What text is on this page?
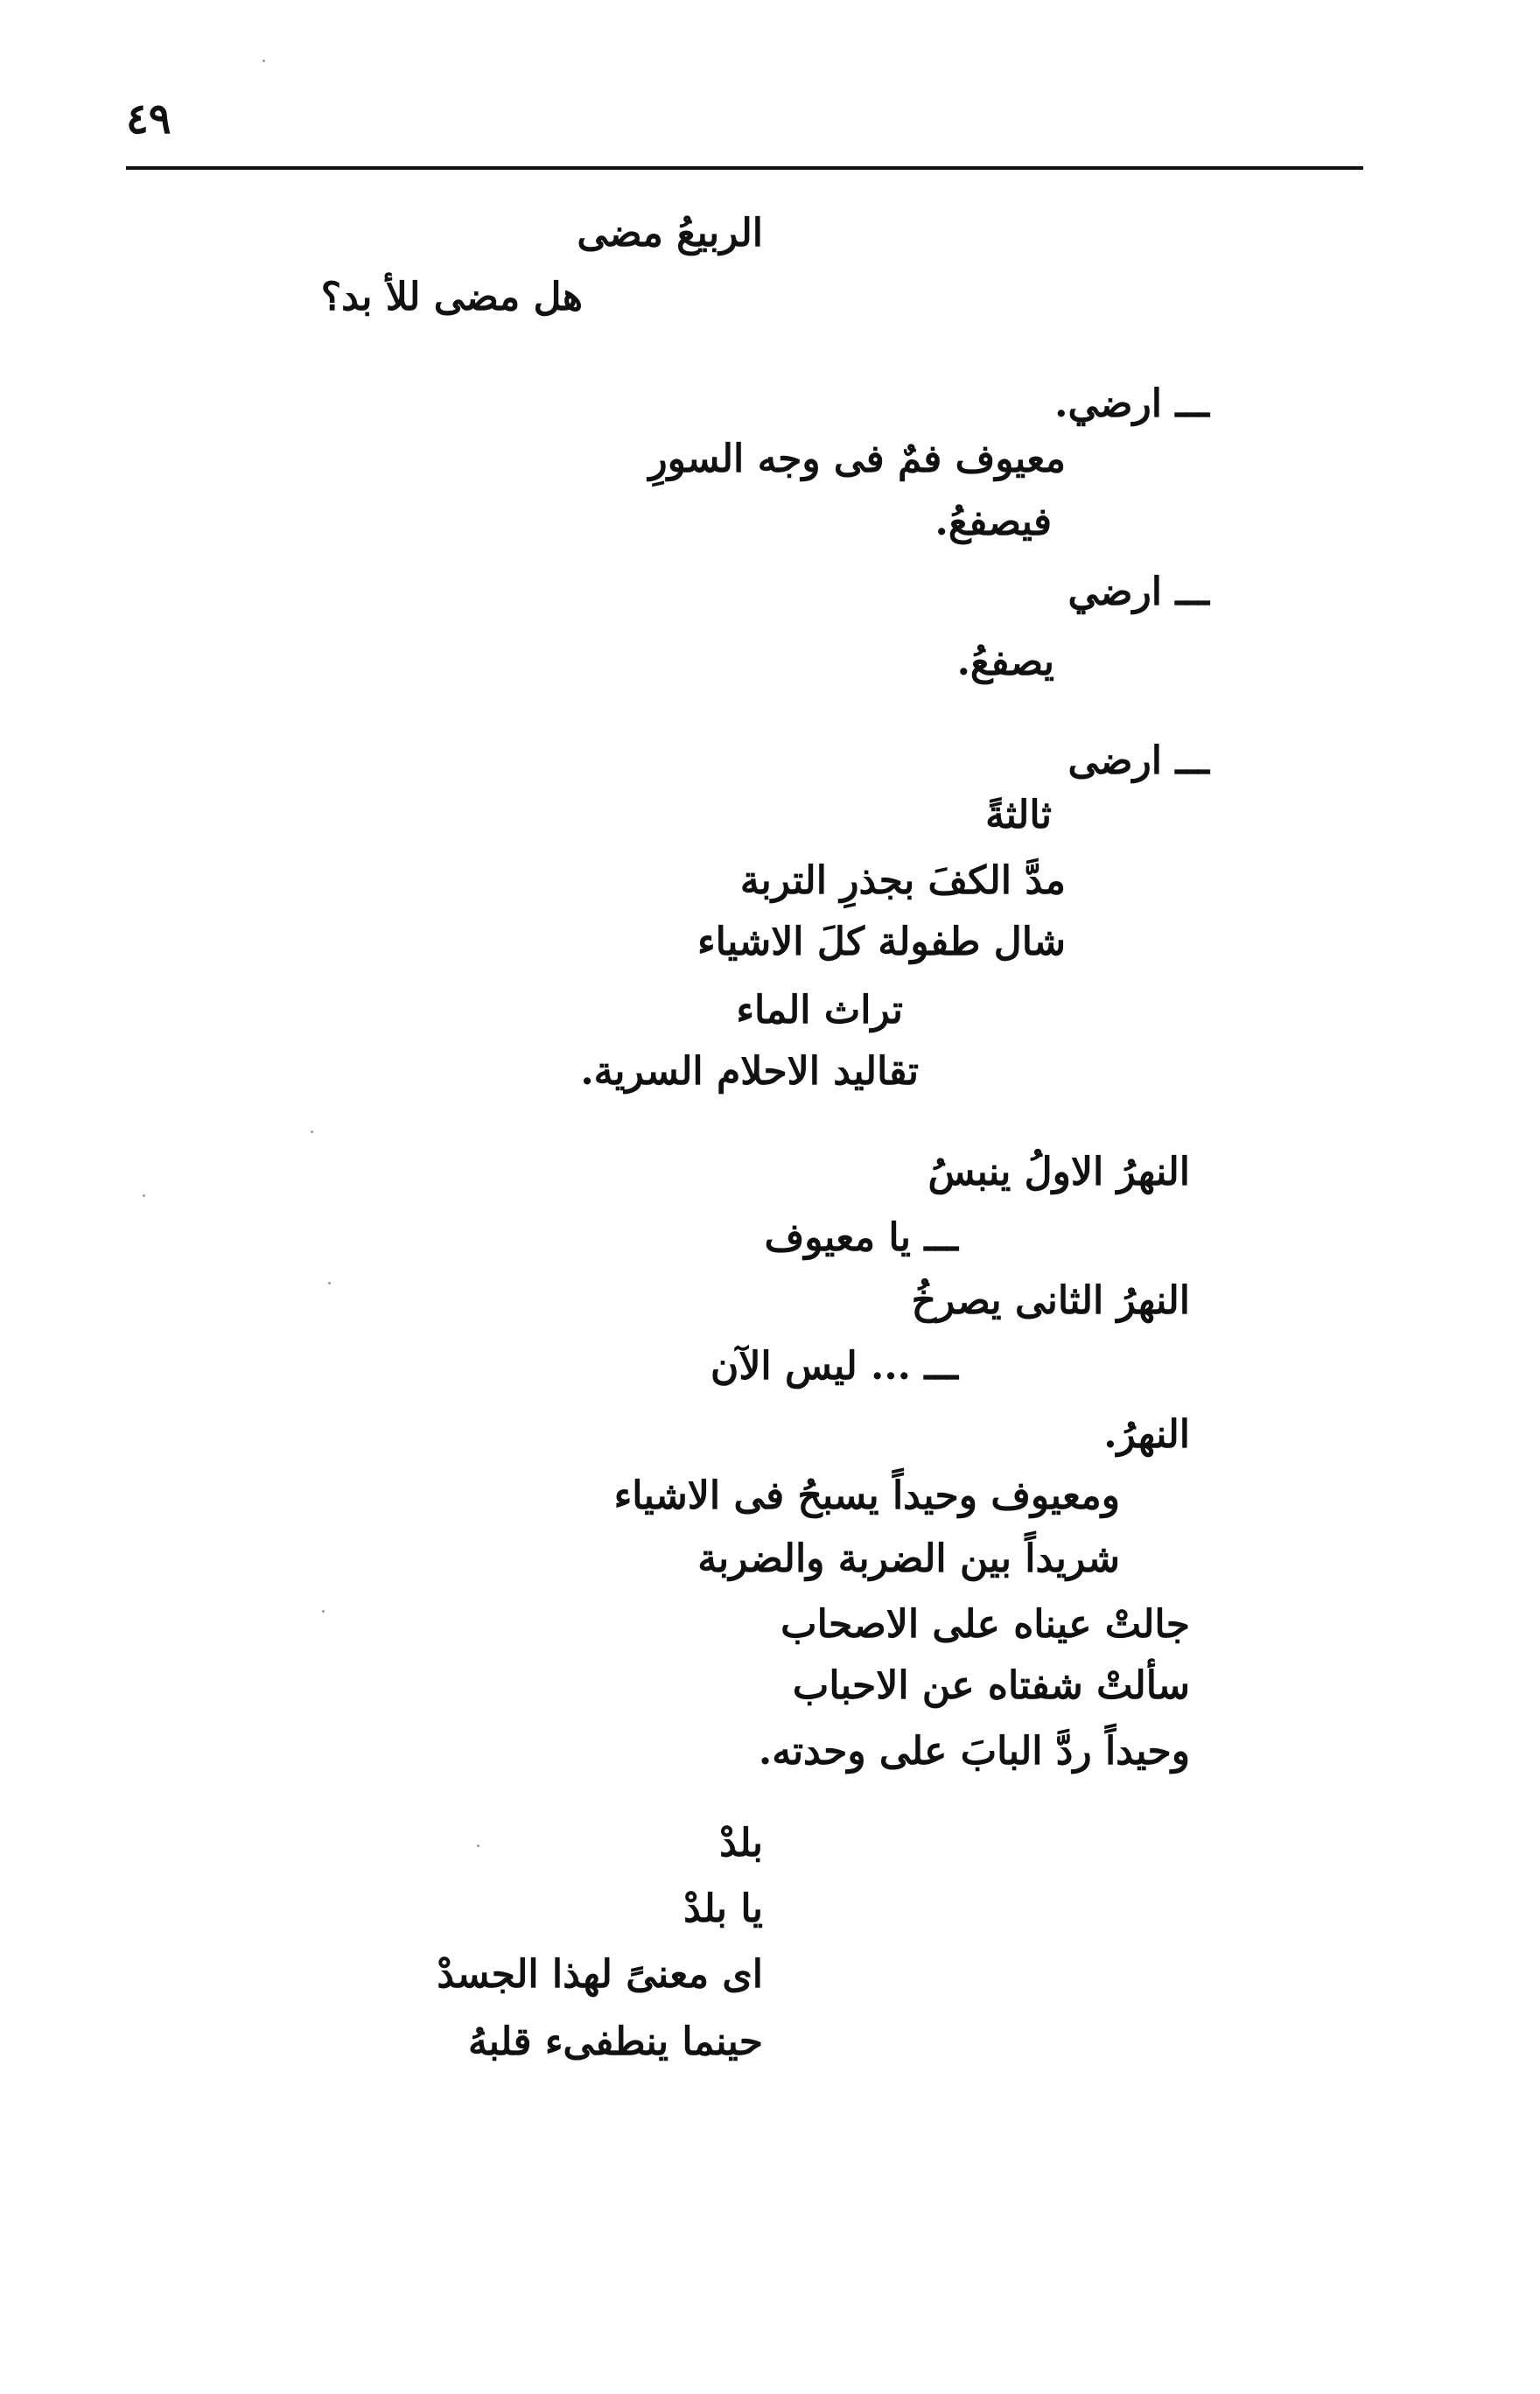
٤٩
الربيعُ مضى
هل مضى للأ بد؟
ـــ ارضي.
معيوف فمٌ فى وجه السورِ
فيصفعُ.
ـــ ارضي
يصفعُ.
ـــ ارضى
ثالثةً
مدَّ الكفَ بجذرِ التربة
شال طفولة كلَ الاشياء
تراث الماء
تقاليد الاحلام السرية.
النهرُ الاولُ ينبسُ
ـــ يا معيوف
النهرُ الثانى يصرخُ
ـــ ... ليس الآن
النهرُ.
ومعيوف وحيداً يسبحُ فى الاشياء
شريداً بين الضربة والضربة
جالتْ عيناه على الاصحاب
سألتْ شفتاه عن الاحباب
وحيداً ردَّ البابَ على وحدته.
بلدْ
يا بلدْ
اى معنىً لهذا الجسدْ
حينما ينطفىء قلبهُ
